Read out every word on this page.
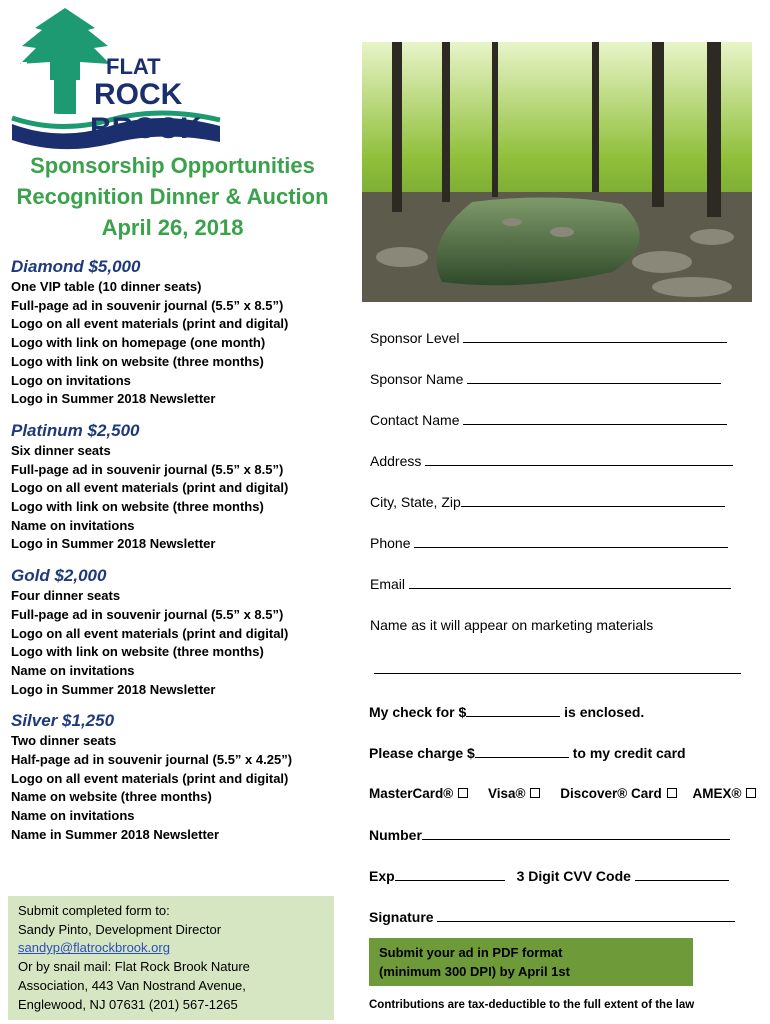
FLAT
ROCK
BROOK
Sponsorship Opportunities
Recognition Dinner & Auction
April 26, 2018

Diamond $5,000

One VIP table (10 dinner seats)
Full-page ad in souvenir journal (5.5” x 8.5”)
Logo on all event materials (print and digital)
Logo with link on homepage (one month)
Logo with link on website (three months)
Logo on invitations
Logo in Summer 2018 Newsletter

Platinum $2,500

Six dinner seats
Full-page ad in souvenir journal (5.5” x 8.5”)
Logo on all event materials (print and digital)
Logo with link on website (three months)
Name on invitations
Logo in Summer 2018 Newsletter

Gold $2,000

Four dinner seats
Full-page ad in souvenir journal (5.5” x 8.5”)
Logo on all event materials (print and digital)
Logo with link on website (three months)
Name on invitations
Logo in Summer 2018 Newsletter

Silver $1,250

Two dinner seats
Half-page ad in souvenir journal (5.5” x 4.25”)
Logo on all event materials (print and digital)
Name on website (three months)
Name on invitations
Name in Summer 2018 Newsletter
Submit completed form to:
Sandy Pinto, Development Director
sandyp@flatrockbrook.org
Or by snail mail: Flat Rock Brook Nature
Association, 443 Van Nostrand Avenue,
Englewood, NJ 07631 (201) 567-1265
Sponsor Level
Sponsor Name
Contact Name
Address
City, State, Zip
Phone
Email
Name as it will appear on marketing materials
My check for $	is enclosed.
Please charge $	to my credit card
MasterCard®	Visa®	Discover® Card AMEX®
Number
Exp	3 Digit CVV Code
Signature
Submit your ad in PDF format
(minimum 300 DPI) by April 1st
Contributions are tax-deductible to the full extent of the law
